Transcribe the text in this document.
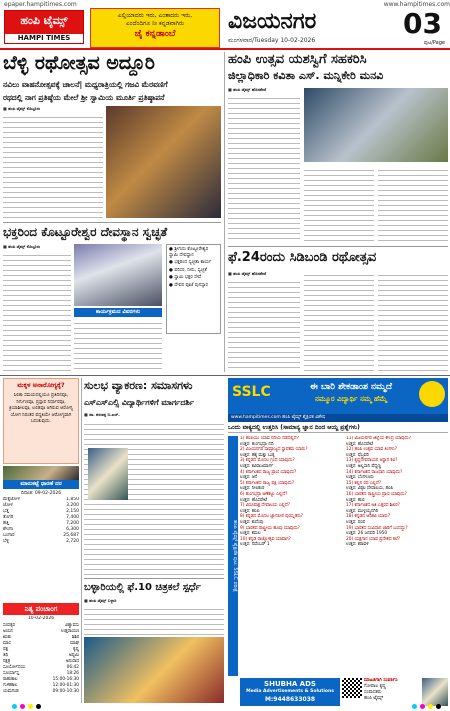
epaper.hampitimes.com	www.hampitimes.com
ಹಂಪಿ ಟೈಮ್ಸ್
HAMPI TIMES
ಎಲ್ಲಿಯಾದರು ಇರು, ಎಂತಾದರು ಇರು,
ಎಂದೆಂದಿಗೂ ನೀ ಕನ್ನಡವಾಗಿರು
ಜೈ ಕನ್ನಡಾಂಬೆ	ವಿಜಯನಗರ
ಮಂಗಳವಾರ/Tuesday 10-02-2026
03
ಪುಟ/Page
ಬೆಳ್ಳಿ ರಥೋತ್ಸವ ಅದ್ದೂರಿ
ನವಿಲು ವಾಹನೋತ್ಸವಕ್ಕೆ ಚಾಲನೆ| ಮಧ್ಯರಾತ್ರಿಯಲ್ಲಿ ಗಜವಿ ಮೆರವಣಿಗೆ
ರಥದಲ್ಲಿ ನಾಗ ಪ್ರತಿಷ್ಠೆಯ ಮೇಲೆ ಶ್ರೀ ಸ್ವಾಮಿಯ ಮೂರ್ತಿ ಪ್ರತಿಷ್ಠಾಪನೆ
■ ಹಂಪಿ ಟೈಮ್ಸ್ ಕೊಟ್ಟೂರು
ಭಕ್ತರಿಂದ ಕೊಟ್ಟೂರೇಶ್ವರ ದೇವಸ್ಥಾನ ಸ್ವಚ್ಛತೆ
■ ಹಂಪಿ ಟೈಮ್ಸ್ ಕೊಟ್ಟೂರು
● ಶ್ರೀಗುರು ಕೊಟ್ಟೂರೇಶ್ವರ ಸ್ವಾಮಿ ದೇವಸ್ಥಾನ
● ಭಕ್ತರಿಂದ ಸ್ವಚ್ಛತಾ ಕಾರ್ಯ
● ಪರಿಸರ, ನೀರು, ಸ್ವಚ್ಛತೆ
● ಸ್ವಾಮಿ ಭಕ್ತರ ಸೇವೆ
● ದೇವರ ಪೂಜೆ ಪುನಸ್ಕಾರ
ಕಾರ್ಯಕ್ರಮದ ವಿವರಗಳು
ಹಂಪಿ ಉತ್ಸವ ಯಶಸ್ವಿಗೆ ಸಹಕರಿಸಿ
ಜಿಲ್ಲಾಧಿಕಾರಿ ಕವಿತಾ ಎಸ್. ಮನ್ನಿಕೇರಿ ಮನವಿ
■ ಹಂಪಿ ಟೈಮ್ಸ್ ಹೊಸಪೇಟೆ
ಫೆ.24ರಂದು ಸಿಡಿಬಂಡಿ ರಥೋತ್ಸವ
■ ಹಂಪಿ ಟೈಮ್ಸ್ ಹೊಸಪೇಟೆ
ಮಕ್ಕಳ ಅನಾರೋಗ್ಯಕ್ಕೆ?
ಸಿಲಿಕಾ ಸಮಯದಲ್ಲಿಯೂ ಪ್ರತಿದಿನವೂ, ನಿರ್ಗುಣವೂ, ಪ್ರಸ್ತಾಪ ನಿರ್ಧಾರವೂ, ಕ್ರಿಯಾಶೀಲವೂ, ಲಲಿತವೂ ಆಗಿರುವ ಆರೋಗ್ಯ ಯೋಗ ನಿರಂತರ ಪದ್ಧತಿಯೇ ಆರೋಗ್ಯವಾಗಿ ಬದುಕುವುದು.
ಮಾರುಕಟ್ಟೆ ಧಾರಣೆ ದರ
ದಿನಾಂಕ: 09-02-2026
ಮೆಕ್ಕೆಜೋಳ	1,850
ಜೋಳ	3,200
ಭತ್ತ	2,150
ತೊಗರಿ	7,400
ಹತ್ತಿ	7,200
ಶೇಂಗಾ	6,300
ಬಂಗಾರ	25,687
ಬೆಳ್ಳಿ	2,720
ನಿತ್ಯ ಪಂಚಾಂಗ
10-02-2026
ಸಂವತ್ಸರ	ವಿಶ್ವಾವಸು
ಅಯನ	ಉತ್ತರಾಯಣ
ಋತು	ಶಿಶಿರ
ಮಾಸ	ಮಾಘ
ಪಕ್ಷ	ಕೃಷ್ಣ
ತಿಥಿ	ಅಷ್ಟಮಿ
ನಕ್ಷತ್ರ	ಅನುರಾಧ
ಸೂರ್ಯೋದಯ	06:42
ಸೂರ್ಯಾಸ್ತ	18:26
ರಾಹುಕಾಲ	15:00-16:30
ಗುಳಿಕಕಾಲ	12:00-01:30
ಯಮಗಂಡ	09:00-10:30
ಸುಲಭ ವ್ಯಾಕರಣ: ಸಮಾಸಗಳು
ಎಸ್ಎಸ್ಎಲ್ಸಿ ವಿದ್ಯಾರ್ಥಿಗಳಿಗೆ ಮಾರ್ಗದರ್ಶಿ
■ ಡಾ. ಶರಣಪ್ಪ ಬಿ.ಎಚ್.
ಬಳ್ಳಾರಿಯಲ್ಲಿ ಫೆ.10 ಚಿತ್ರಕಲೆ ಸ್ಪರ್ಧೆ
■ ಹಂಪಿ ಟೈಮ್ಸ್ ಬಳ್ಳಾರಿ
SSLC	ಈ ಬಾರಿ ಶೇಕಡಾಂಶ ನಮ್ಮದೆ
ನಮ್ಮೂರ ವಿದ್ಯಾರ್ಥಿ ನಮ್ಮ ಹೆಮ್ಮೆ
www.hampitimes.com ಹಂಪಿ ಟೈಮ್ಸ್ ಶೈಕ್ಷಣಿಕ ವಿಶೇಷ
ಒಂದು ವಾಕ್ಯದಲ್ಲಿ ಉತ್ತರಿಸಿ (ಸಾಮಾನ್ಯ ಜ್ಞಾನ ದಿಂದ ಆಯ್ದ ಪ್ರಶ್ನೆಗಳು)
ಹಂಪಿ ಟೈಮ್ಸ್ ಶೈಕ್ಷಣಿಕ ಪುಟ: SSLC ಪರೀಕ್ಷೆ
1) ಹಂಪಿಯು ಯಾವ ನದಿಯ ದಡದಲ್ಲಿದೆ?
ಉತ್ತರ: ತುಂಗಭದ್ರಾ ನದಿ
2) ವಿಜಯನಗರ ಸಾಮ್ರಾಜ್ಯದ ಸ್ಥಾಪಕರು ಯಾರು?
ಉತ್ತರ: ಹಕ್ಕ ಮತ್ತು ಬುಕ್ಕ
3) ಕನ್ನಡದ ಮೊದಲ ಗ್ರಂಥ ಯಾವುದು?
ಉತ್ತರ: ಕವಿರಾಜಮಾರ್ಗ
4) ಕರ್ನಾಟಕದ ರಾಜ್ಯ ಪ್ರಾಣಿ ಯಾವುದು?
ಉತ್ತರ: ಆನೆ
5) ಕರ್ನಾಟಕದ ರಾಜ್ಯ ಪಕ್ಷಿ ಯಾವುದು?
ಉತ್ತರ: ನೀಲಕಂಠ
6) ತುಂಗಭದ್ರಾ ಅಣೆಕಟ್ಟು ಎಲ್ಲಿದೆ?
ಉತ್ತರ: ಹೊಸಪೇಟೆ
7) ವಿರೂಪಾಕ್ಷ ದೇವಾಲಯ ಎಲ್ಲಿದೆ?
ಉತ್ತರ: ಹಂಪಿ
8) ಕನ್ನಡದ ಮೊದಲ ಜ್ಞಾನಪೀಠ ಪುರಸ್ಕೃತರು?
ಉತ್ತರ: ಕುವೆಂಪು
9) ಭಾರತದ ರಾಷ್ಟ್ರೀಯ ಹೂವು ಯಾವುದು?
ಉತ್ತರ: ಕಮಲ
10) ಕನ್ನಡ ರಾಜ್ಯೋತ್ಸವ ಯಾವಾಗ?
ಉತ್ತರ: ನವೆಂಬರ್ 1
11) ವಿಜಯನಗರ ಜಿಲ್ಲೆಯ ಕೇಂದ್ರ ಯಾವುದು?
ಉತ್ತರ: ಹೊಸಪೇಟೆ
12) ಹಂಪಿ ಉತ್ಸವ ಯಾವ ತಿಂಗಳು?
ಉತ್ತರ: ಫೆಬ್ರವರಿ
13) ಕೃಷ್ಣದೇವರಾಯನ ಆಸ್ಥಾನ ಕವಿ?
ಉತ್ತರ: ಅಲ್ಲಸಾನಿ ಪೆದ್ದಣ್ಣ
14) ಕರ್ನಾಟಕದ ರಾಜಧಾನಿ ಯಾವುದು?
ಉತ್ತರ: ಬೆಂಗಳೂರು
15) ಕಲ್ಲಿನ ರಥ ಎಲ್ಲಿದೆ?
ಉತ್ತರ: ವಿಠ್ಠಲ ದೇವಾಲಯ, ಹಂಪಿ
16) ಭಾರತದ ರಾಷ್ಟ್ರೀಯ ಪ್ರಾಣಿ ಯಾವುದು?
ಉತ್ತರ: ಹುಲಿ
17) ಕರ್ನಾಟಕದ ಅತಿ ಎತ್ತರದ ಶಿಖರ?
ಉತ್ತರ: ಮುಳ್ಳಯ್ಯನಗಿರಿ
18) ಕನ್ನಡದ ಆದಿಕವಿ ಯಾರು?
ಉತ್ತರ: ಪಂಪ
19) ಭಾರತದ ಸಂವಿಧಾನ ಜಾರಿಗೆ ಬಂದದ್ದು?
ಉತ್ತರ: 26 ಜನವರಿ 1950
20) ಯಕ್ಷಗಾನ ಯಾವ ಪ್ರದೇಶದ ಕಲೆ?
ಉತ್ತರ: ಕರಾವಳಿ
SHUBHA ADS
Media Advertisements & Solutions
M:9448633038
ಮಾಹಿತಿಗಾಗಿ ಸಂಪರ್ಕಿಸಿ
ಗೋಪಾಲ ಕೃಷ್ಣ
ಸಂಪಾದಕರು
ಹಂಪಿ ಟೈಮ್ಸ್
